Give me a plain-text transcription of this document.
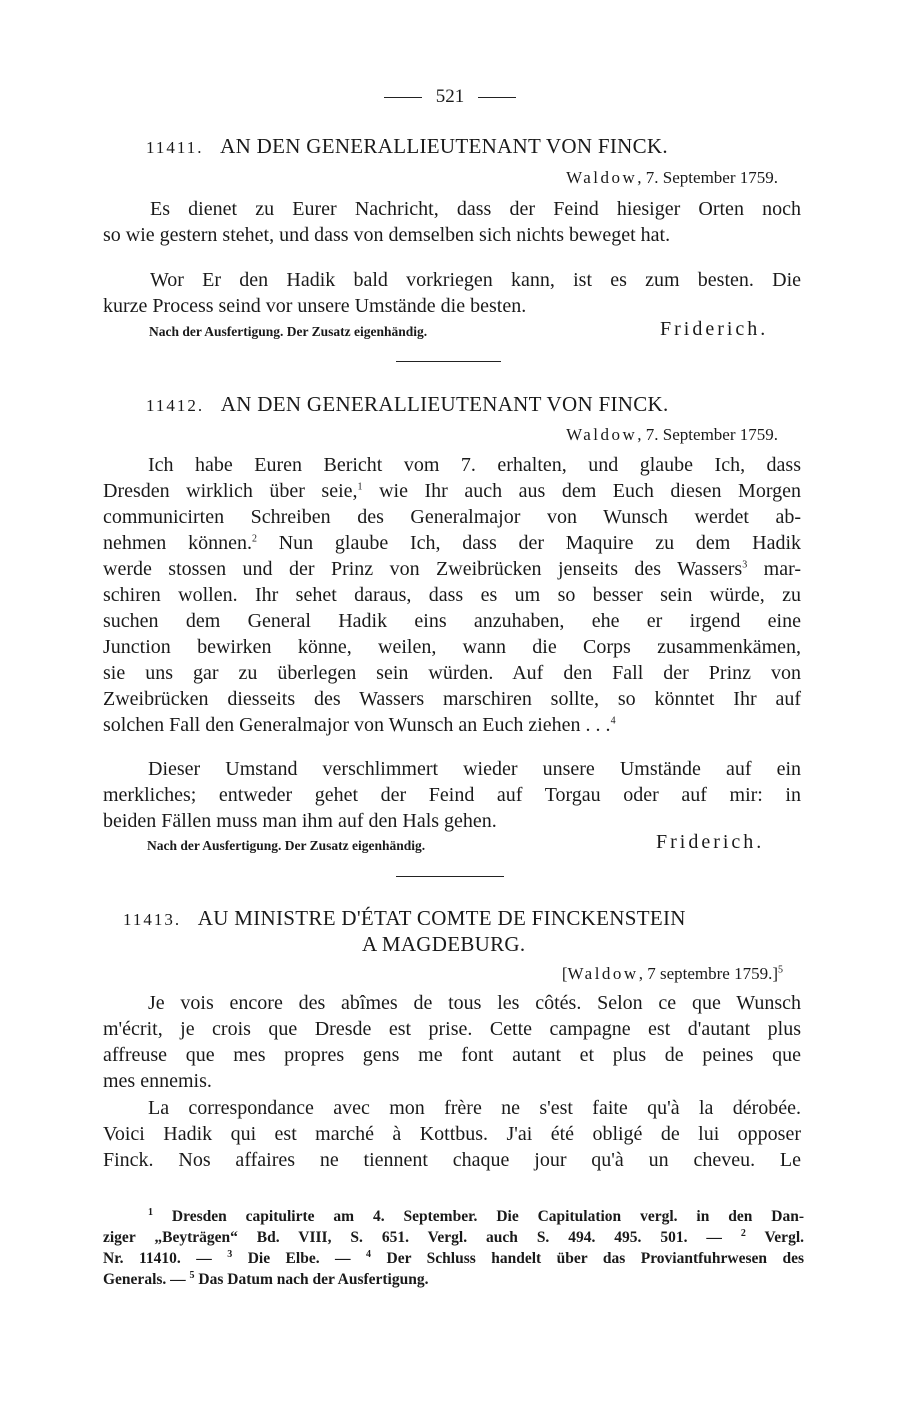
521
11411. AN DEN GENERALLIEUTENANT VON FINCK.
Waldow, 7. September 1759.
Es dienet zu Eurer Nachricht, dass der Feind hiesiger Orten noch
so wie gestern stehet, und dass von demselben sich nichts beweget hat.
Wor Er den Hadik bald vorkriegen kann, ist es zum besten. Die
kurze Process seind vor unsere Umstände die besten.
Nach der Ausfertigung. Der Zusatz eigenhändig.	Friderich.
11412. AN DEN GENERALLIEUTENANT VON FINCK.
Waldow, 7. September 1759.
Ich habe Euren Bericht vom 7. erhalten, und glaube Ich, dass
Dresden wirklich über seie,$^1$ wie Ihr auch aus dem Euch diesen Morgen
communicirten Schreiben des Generalmajor von Wunsch werdet ab-
nehmen können.$^2$ Nun glaube Ich, dass der Maquire zu dem Hadik
werde stossen und der Prinz von Zweibrücken jenseits des Wassers$^3$ mar-
schiren wollen. Ihr sehet daraus, dass es um so besser sein würde, zu
suchen dem General Hadik eins anzuhaben, ehe er irgend eine
Junction bewirken könne, weilen, wann die Corps zusammenkämen,
sie uns gar zu überlegen sein würden. Auf den Fall der Prinz von
Zweibrücken diesseits des Wassers marschiren sollte, so könntet Ihr auf
solchen Fall den Generalmajor von Wunsch an Euch ziehen . . .$^4$
Dieser Umstand verschlimmert wieder unsere Umstände auf ein
merkliches; entweder gehet der Feind auf Torgau oder auf mir: in
beiden Fällen muss man ihm auf den Hals gehen.
Nach der Ausfertigung. Der Zusatz eigenhändig.	Friderich.
11413. AU MINISTRE D'ÉTAT COMTE DE FINCKENSTEIN
A MAGDEBURG.
[Waldow, 7 septembre 1759.]$^5$
Je vois encore des abîmes de tous les côtés. Selon ce que Wunsch
m'écrit, je crois que Dresde est prise. Cette campagne est d'autant plus
affreuse que mes propres gens me font autant et plus de peines que
mes ennemis.
La correspondance avec mon frère ne s'est faite qu'à la dérobée.
Voici Hadik qui est marché à Kottbus. J'ai été obligé de lui opposer
Finck. Nos affaires ne tiennent chaque jour qu'à un cheveu. Le
$^1$ Dresden capitulirte am 4. September. Die Capitulation vergl. in den Dan-
ziger „Beyträgen“ Bd. VIII, S. 651. Vergl. auch S. 494. 495. 501. — $^2$ Vergl.
Nr. 11410. — $^3$ Die Elbe. — $^4$ Der Schluss handelt über das Proviantfuhrwesen des
Generals. — $^5$ Das Datum nach der Ausfertigung.
